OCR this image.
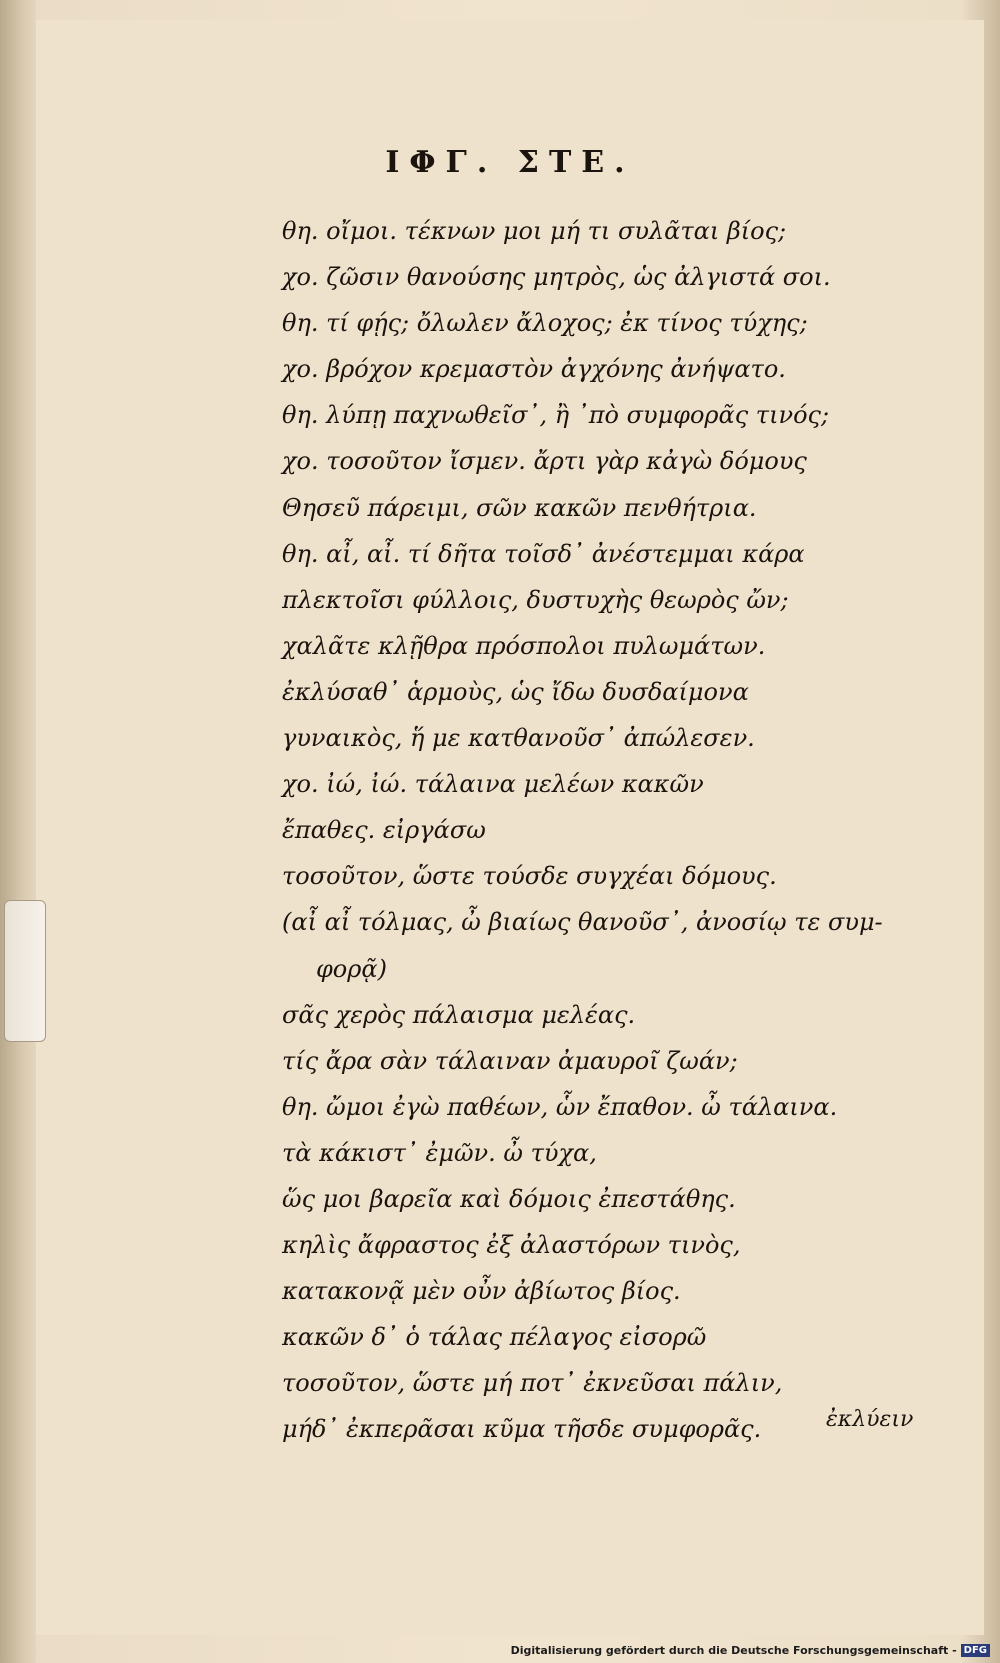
ΙΦΓ. ΣΤΕ.
θη. οἴμοι. τέκνων μοι μή τι συλᾶται βίος;
χο. ζῶσιν θανούσης μητρὸς, ὡς ἀλγιστά σοι.
θη. τί φῄς; ὄλωλεν ἄλοχος; ἐκ τίνος τύχης;
χο. βρόχον κρεμαστὸν ἀγχόνης ἀνήψατο.
θη. λύπῃ παχνωθεῖσ᾽, ἢ ᾽πὸ συμφορᾶς τινός;
χο. τοσοῦτον ἴσμεν. ἄρτι γὰρ κἀγὼ δόμους
Θησεῦ πάρειμι, σῶν κακῶν πενθήτρια.
θη. αἶ, αἶ. τί δῆτα τοῖσδ᾽ ἀνέστεμμαι κάρα
πλεκτοῖσι φύλλοις, δυστυχὴς θεωρὸς ὤν;
χαλᾶτε κλῇθρα πρόσπολοι πυλωμάτων.
ἐκλύσαθ᾽ ἁρμοὺς, ὡς ἴδω δυσδαίμονα
γυναικὸς, ἥ με κατθανοῦσ᾽ ἀπώλεσεν.
χο. ἰώ, ἰώ. τάλαινα μελέων κακῶν
ἔπαθες. εἰργάσω
τοσοῦτον, ὥστε τούσδε συγχέαι δόμους.
(αἶ αἶ τόλμας, ὦ βιαίως θανοῦσ᾽, ἀνοσίῳ τε συμ-
φορᾷ)
σᾶς χερὸς πάλαισμα μελέας.
τίς ἄρα σὰν τάλαιναν ἀμαυροῖ ζωάν;
θη. ὤμοι ἐγὼ παθέων, ὧν ἔπαθον. ὦ τάλαινα.
τὰ κάκιστ᾽ ἐμῶν. ὦ τύχα,
ὥς μοι βαρεῖα καὶ δόμοις ἐπεστάθης.
κηλὶς ἄφραστος ἐξ ἀλαστόρων τινὸς,
κατακονᾷ μὲν οὖν ἀβίωτος βίος.
κακῶν δ᾽ ὁ τάλας πέλαγος εἰσορῶ
τοσοῦτον, ὥστε μή ποτ᾽ ἐκνεῦσαι πάλιν,
μήδ᾽ ἐκπερᾶσαι κῦμα τῆσδε συμφορᾶς.	ἐκλύειν
Digitalisierung gefördert durch die Deutsche Forschungsgemeinschaft - DFG
